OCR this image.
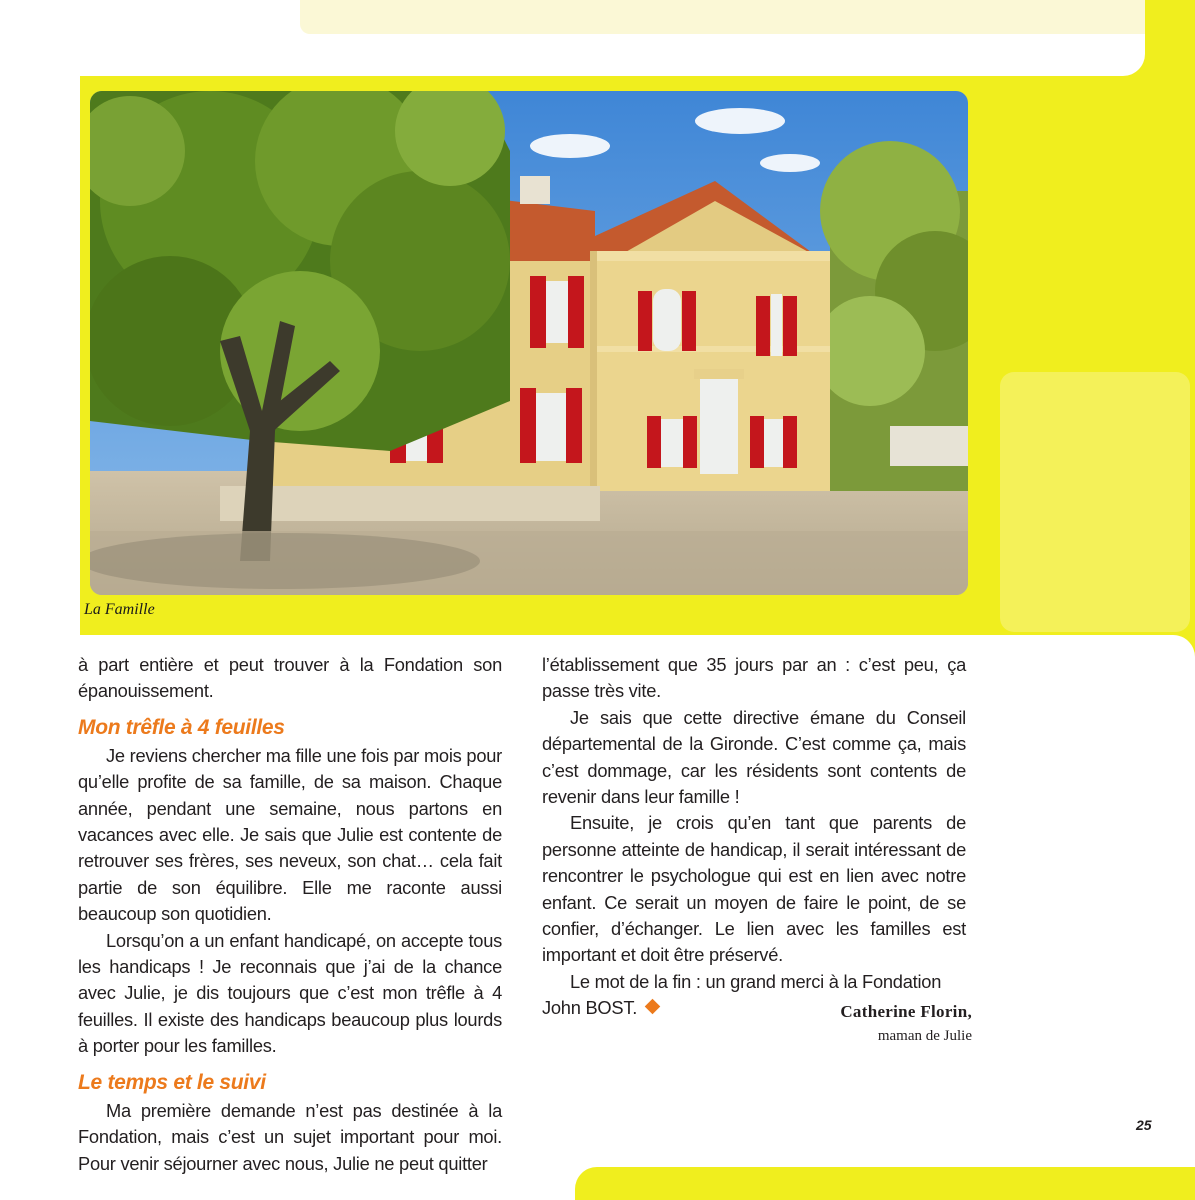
La Famille

à part entière et peut trouver à la Fondation son épanouissement.

Mon trêfle à 4 feuilles

Je reviens chercher ma fille une fois par mois pour qu’elle profite de sa famille, de sa maison. Chaque année, pendant une semaine, nous partons en vacances avec elle. Je sais que Julie est contente de retrouver ses frères, ses neveux, son chat… cela fait partie de son équilibre. Elle me raconte aussi beaucoup son quotidien.

Lorsqu’on a un enfant handicapé, on accepte tous les handicaps ! Je reconnais que j’ai de la chance avec Julie, je dis toujours que c’est mon trêfle à 4 feuilles. Il existe des handicaps beaucoup plus lourds à porter pour les familles.

Le temps et le suivi

Ma première demande n’est pas destinée à la Fondation, mais c’est un sujet important pour moi. Pour venir séjourner avec nous, Julie ne peut quitter

l’établissement que 35 jours par an : c’est peu, ça passe très vite.

Je sais que cette directive émane du Conseil départemental de la Gironde. C’est comme ça, mais c’est dommage, car les résidents sont contents de revenir dans leur famille !

Ensuite, je crois qu’en tant que parents de personne atteinte de handicap, il serait intéressant de rencontrer le psychologue qui est en lien avec notre enfant. Ce serait un moyen de faire le point, de se confier, d’échanger. Le lien avec les familles est important et doit être préservé.

Le mot de la fin : un grand merci à la Fondation John BOST.	Catherine Florin,
maman de Julie
25
